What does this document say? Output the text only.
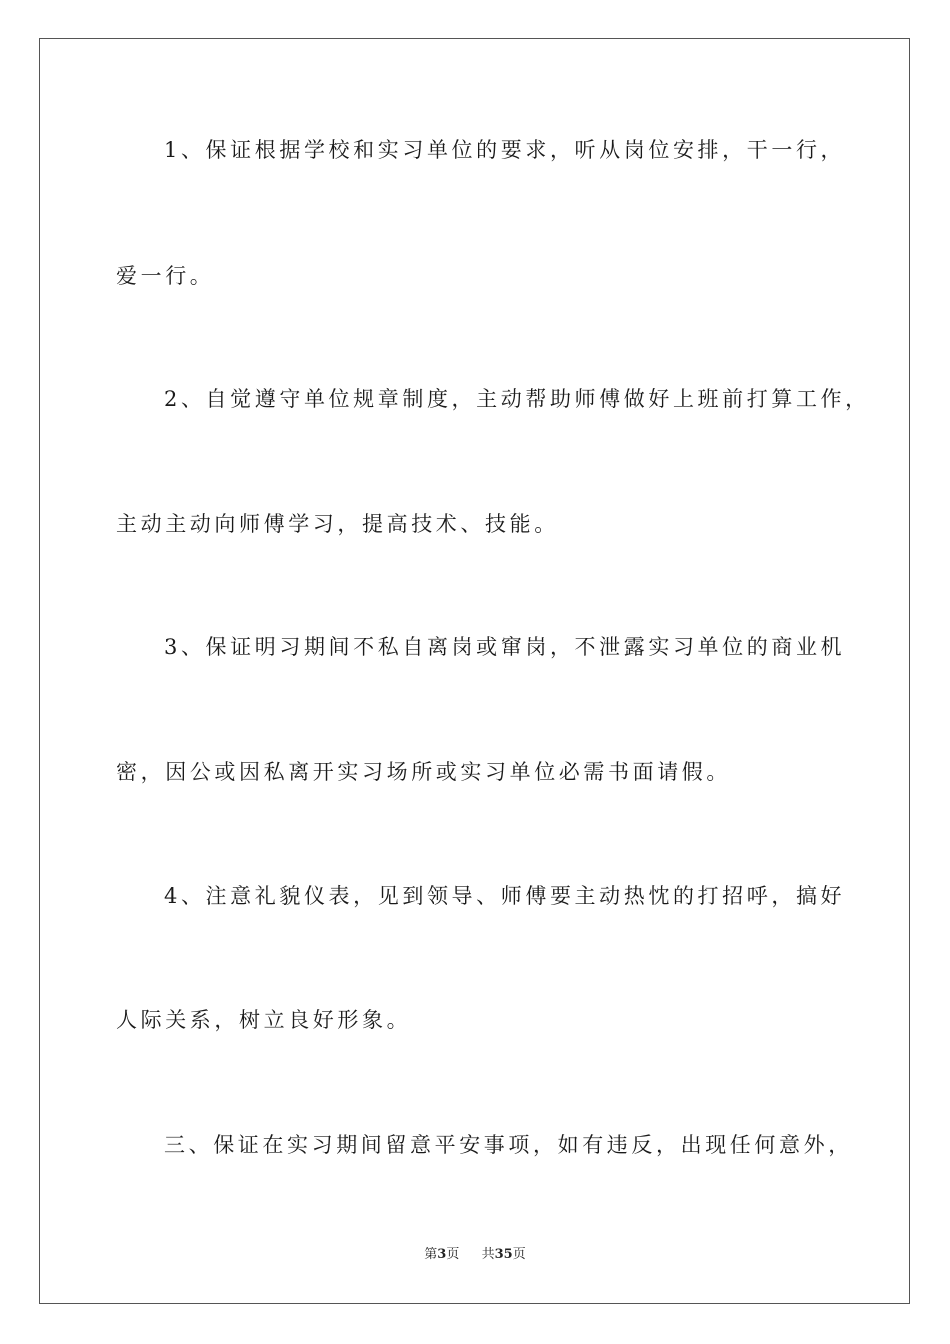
1、保证根据学校和实习单位的要求，听从岗位安排，干一行，
爱一行。
2、自觉遵守单位规章制度，主动帮助师傅做好上班前打算工作，
主动主动向师傅学习，提高技术、技能。
3、保证明习期间不私自离岗或窜岗，不泄露实习单位的商业机
密，因公或因私离开实习场所或实习单位必需书面请假。
4、注意礼貌仪表，见到领导、师傅要主动热忱的打招呼，搞好
人际关系，树立良好形象。
三、保证在实习期间留意平安事项，如有违反，出现任何意外，
第3页 共35页
